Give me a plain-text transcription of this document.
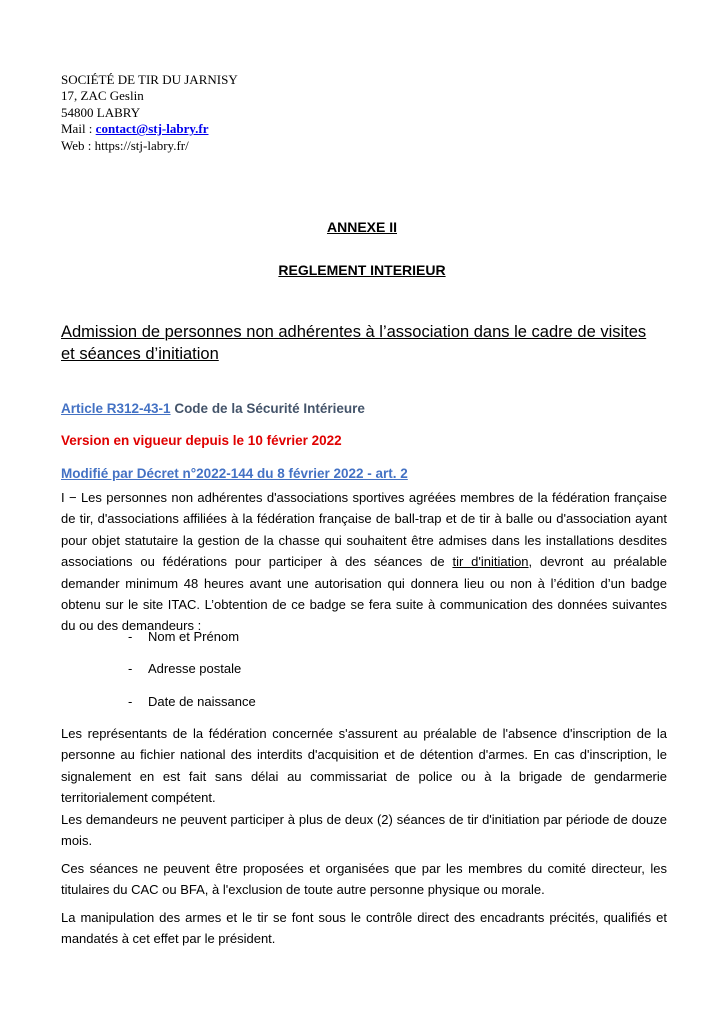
SOCIÉTÉ DE TIR DU JARNISY
17, ZAC Geslin
54800 LABRY
Mail : contact@stj-labry.fr
Web : https://stj-labry.fr/
ANNEXE II
REGLEMENT INTERIEUR
Admission de personnes non adhérentes à l’association dans le cadre de visites et séances d’initiation
Article R312-43-1 Code de la Sécurité Intérieure
Version en vigueur depuis le 10 février 2022
Modifié par Décret n°2022-144 du 8 février 2022 - art. 2
I − Les personnes non adhérentes d'associations sportives agréées membres de la fédération française de tir, d'associations affiliées à la fédération française de ball-trap et de tir à balle ou d'association ayant pour objet statutaire la gestion de la chasse qui souhaitent être admises dans les installations desdites associations ou fédérations pour participer à des séances de tir d'initiation, devront au préalable demander minimum 48 heures avant une autorisation qui donnera lieu ou non à l’édition d’un badge obtenu sur le site ITAC. L’obtention de ce badge se fera suite à communication des données suivantes du ou des demandeurs :
- Nom et Prénom
- Adresse postale
- Date de naissance
Les représentants de la fédération concernée s'assurent au préalable de l'absence d'inscription de la personne au fichier national des interdits d'acquisition et de détention d'armes. En cas d'inscription, le signalement en est fait sans délai au commissariat de police ou à la brigade de gendarmerie territorialement compétent.
Les demandeurs ne peuvent participer à plus de deux (2) séances de tir d'initiation par période de douze mois.
Ces séances ne peuvent être proposées et organisées que par les membres du comité directeur, les titulaires du CAC ou BFA, à l'exclusion de toute autre personne physique ou morale.
La manipulation des armes et le tir se font sous le contrôle direct des encadrants précités, qualifiés et mandatés à cet effet par le président.
